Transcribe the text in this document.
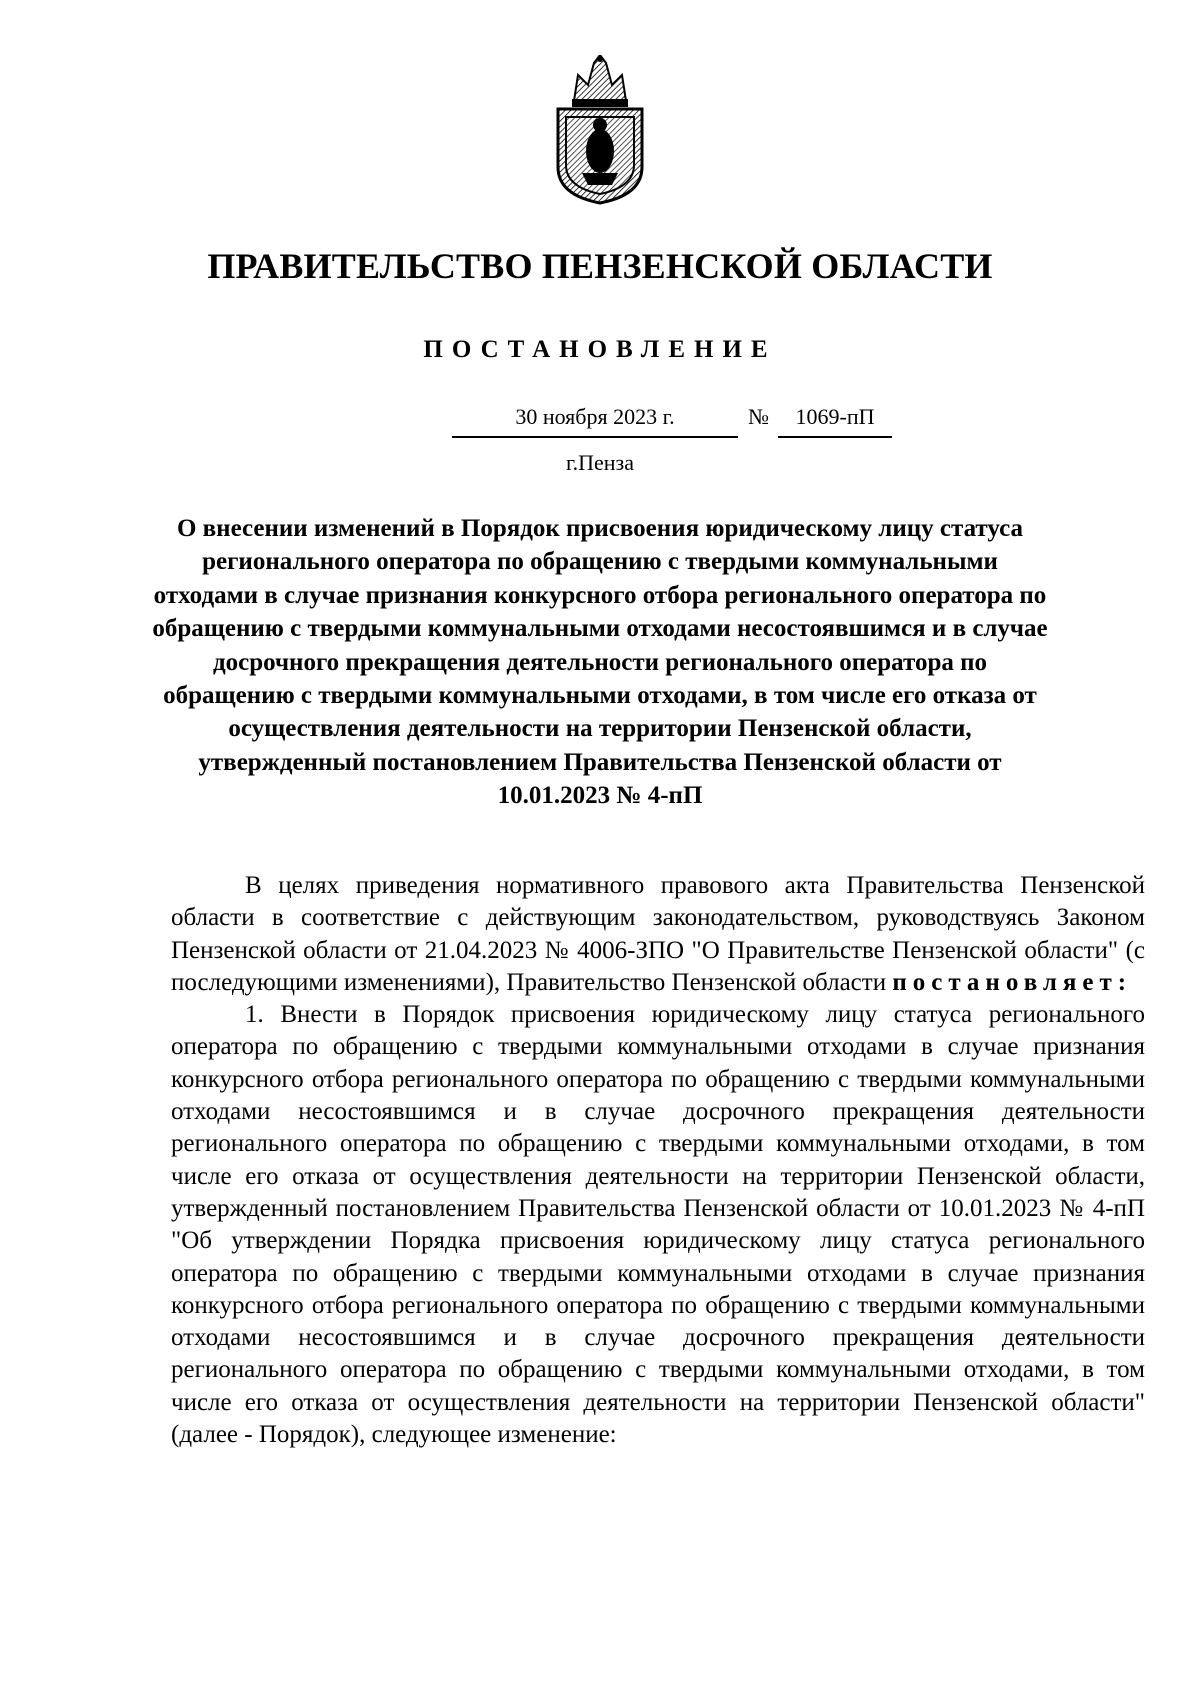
ПРАВИТЕЛЬСТВО ПЕНЗЕНСКОЙ ОБЛАСТИ
ПОСТАНОВЛЕНИЕ
30 ноября 2023 г.	№	1069-пП
г.Пенза
О внесении изменений в Порядок присвоения юридическому лицу статуса регионального оператора по обращению с твердыми коммунальными отходами в случае признания конкурсного отбора регионального оператора по обращению с твердыми коммунальными отходами несостоявшимся и в случае досрочного прекращения деятельности регионального оператора по обращению с твердыми коммунальными отходами, в том числе его отказа от осуществления деятельности на территории Пензенской области, утвержденный постановлением Правительства Пензенской области от 10.01.2023 № 4-пП

В целях приведения нормативного правового акта Правительства Пензенской области в соответствие с действующим законодательством, руководствуясь Законом Пензенской области от 21.04.2023 № 4006-ЗПО "О Правительстве Пензенской области" (с последующими изменениями), Правительство Пензенской области постановляет:

1. Внести в Порядок присвоения юридическому лицу статуса регионального оператора по обращению с твердыми коммунальными отходами в случае признания конкурсного отбора регионального оператора по обращению с твердыми коммунальными отходами несостоявшимся и в случае досрочного прекращения деятельности регионального оператора по обращению с твердыми коммунальными отходами, в том числе его отказа от осуществления деятельности на территории Пензенской области, утвержденный постановлением Правительства Пензенской области от 10.01.2023 № 4-пП "Об утверждении Порядка присвоения юридическому лицу статуса регионального оператора по обращению с твердыми коммунальными отходами в случае признания конкурсного отбора регионального оператора по обращению с твердыми коммунальными отходами несостоявшимся и в случае досрочного прекращения деятельности регионального оператора по обращению с твердыми коммунальными отходами, в том числе его отказа от осуществления деятельности на территории Пензенской области" (далее - Порядок), следующее изменение:
